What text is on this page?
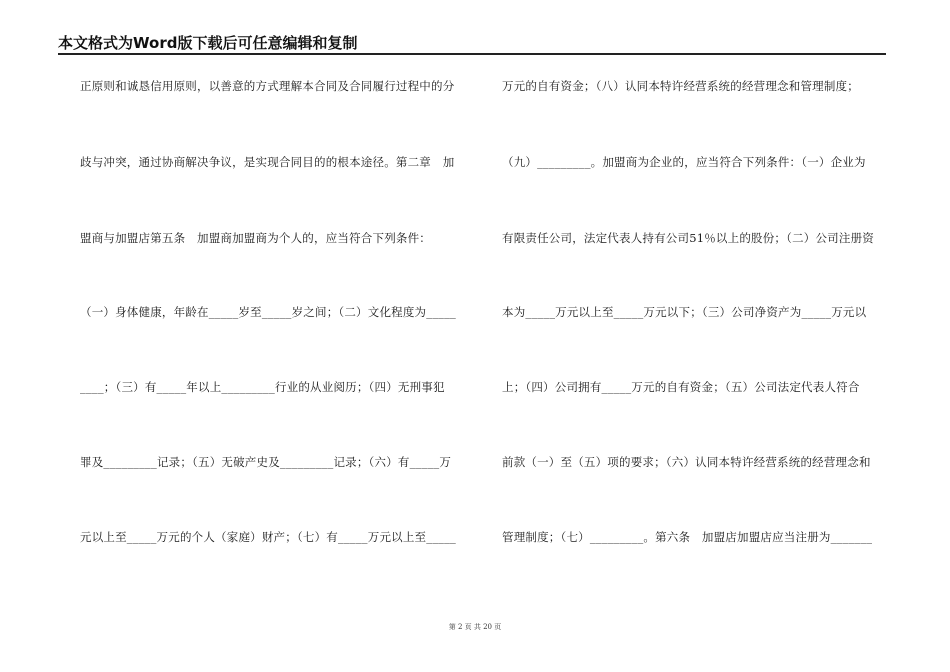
本文格式为Word版下载后可任意编辑和复制
正原则和诚恳信用原则，以善意的方式理解本合同及合同履行过程中的分
歧与冲突，通过协商解决争议，是实现合同目的的根本途径。第二章　加
盟商与加盟店第五条　加盟商加盟商为个人的，应当符合下列条件：
（一）身体健康，年龄在_____岁至_____岁之间；（二）文化程度为_____
____；（三）有_____年以上_________行业的从业阅历；（四）无刑事犯
罪及_________记录；（五）无破产史及_________记录；（六）有_____万
元以上至_____万元的个人（家庭）财产；（七）有_____万元以上至_____
万元的自有资金；（八）认同本特许经营系统的经营理念和管理制度；
（九）_________。加盟商为企业的，应当符合下列条件：（一）企业为
有限责任公司，法定代表人持有公司51％以上的股份；（二）公司注册资
本为_____万元以上至_____万元以下；（三）公司净资产为_____万元以
上；（四）公司拥有_____万元的自有资金；（五）公司法定代表人符合
前款（一）至（五）项的要求；（六）认同本特许经营系统的经营理念和
管理制度；（七）_________。第六条　加盟店加盟店应当注册为_______
第 2 页 共 20 页
